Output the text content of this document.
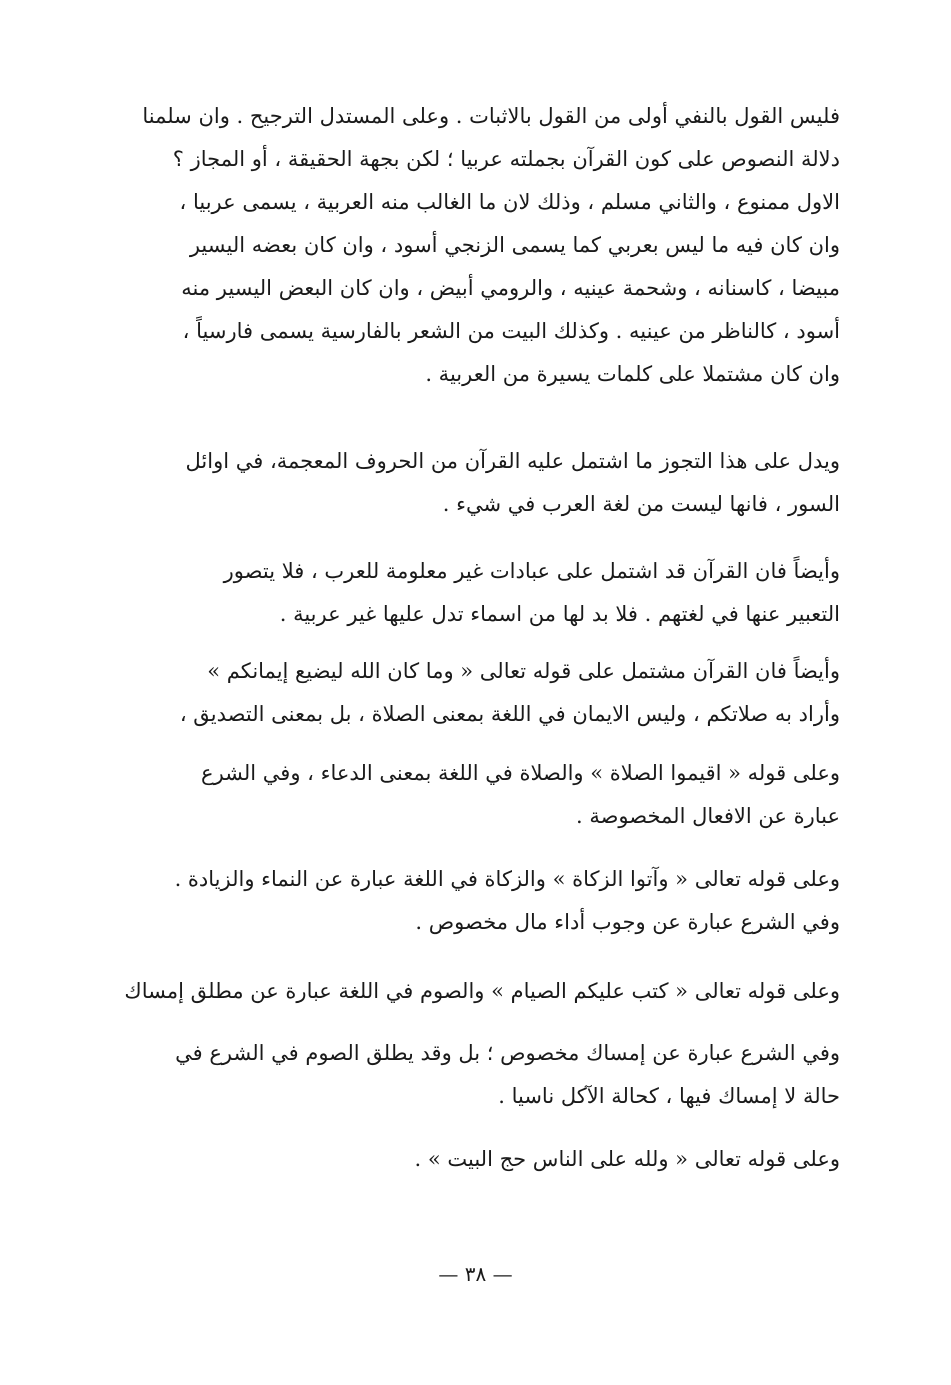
فليس القول بالنفي أولى من القول بالاثبات . وعلى المستدل الترجيح . وان سلمنا
دلالة النصوص على كون القرآن بجملته عربيا ؛ لكن بجهة الحقيقة ، أو المجاز ؟
الاول ممنوع ، والثاني مسلم ، وذلك لان ما الغالب منه العربية ، يسمى عربيا ،
وان كان فيه ما ليس بعربي كما يسمى الزنجي أسود ، وان كان بعضه اليسير
مبيضا ، كاسنانه ، وشحمة عينيه ، والرومي أبيض ، وان كان البعض اليسير منه
أسود ، كالناظر من عينيه . وكذلك البيت من الشعر بالفارسية يسمى فارسياً ،
وان كان مشتملا على كلمات يسيرة من العربية .
ويدل على هذا التجوز ما اشتمل عليه القرآن من الحروف المعجمة، في اوائل
السور ، فانها ليست من لغة العرب في شيء .
وأيضاً فان القرآن قد اشتمل على عبادات غير معلومة للعرب ، فلا يتصور
التعبير عنها في لغتهم . فلا بد لها من اسماء تدل عليها غير عربية .
وأيضاً فان القرآن مشتمل على قوله تعالى « وما كان الله ليضيع إيمانكم »
وأراد به صلاتكم ، وليس الايمان في اللغة بمعنى الصلاة ، بل بمعنى التصديق ،
وعلى قوله « اقيموا الصلاة » والصلاة في اللغة بمعنى الدعاء ، وفي الشرع
عبارة عن الافعال المخصوصة .
وعلى قوله تعالى « وآتوا الزكاة » والزكاة في اللغة عبارة عن النماء والزيادة .
وفي الشرع عبارة عن وجوب أداء مال مخصوص .
وعلى قوله تعالى « كتب عليكم الصيام » والصوم في اللغة عبارة عن مطلق إمساك
وفي الشرع عبارة عن إمساك مخصوص ؛ بل وقد يطلق الصوم في الشرع في
حالة لا إمساك فيها ، كحالة الآكل ناسيا .
وعلى قوله تعالى « ولله على الناس حج البيت » .
— ٣٨ —
